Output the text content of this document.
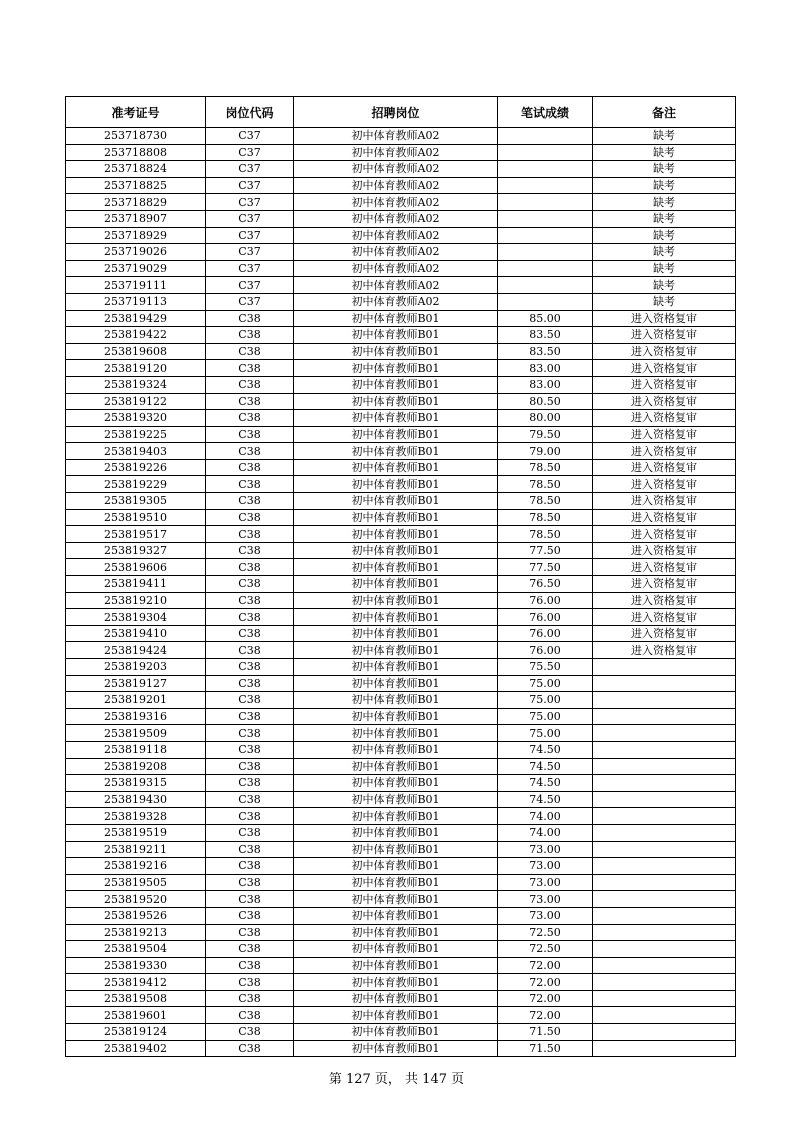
准考证号	岗位代码	招聘岗位	笔试成绩	备注
253718730	C37	初中体育教师A02		缺考
253718808	C37	初中体育教师A02		缺考
253718824	C37	初中体育教师A02		缺考
253718825	C37	初中体育教师A02		缺考
253718829	C37	初中体育教师A02		缺考
253718907	C37	初中体育教师A02		缺考
253718929	C37	初中体育教师A02		缺考
253719026	C37	初中体育教师A02		缺考
253719029	C37	初中体育教师A02		缺考
253719111	C37	初中体育教师A02		缺考
253719113	C37	初中体育教师A02		缺考
253819429	C38	初中体育教师B01	85.00	进入资格复审
253819422	C38	初中体育教师B01	83.50	进入资格复审
253819608	C38	初中体育教师B01	83.50	进入资格复审
253819120	C38	初中体育教师B01	83.00	进入资格复审
253819324	C38	初中体育教师B01	83.00	进入资格复审
253819122	C38	初中体育教师B01	80.50	进入资格复审
253819320	C38	初中体育教师B01	80.00	进入资格复审
253819225	C38	初中体育教师B01	79.50	进入资格复审
253819403	C38	初中体育教师B01	79.00	进入资格复审
253819226	C38	初中体育教师B01	78.50	进入资格复审
253819229	C38	初中体育教师B01	78.50	进入资格复审
253819305	C38	初中体育教师B01	78.50	进入资格复审
253819510	C38	初中体育教师B01	78.50	进入资格复审
253819517	C38	初中体育教师B01	78.50	进入资格复审
253819327	C38	初中体育教师B01	77.50	进入资格复审
253819606	C38	初中体育教师B01	77.50	进入资格复审
253819411	C38	初中体育教师B01	76.50	进入资格复审
253819210	C38	初中体育教师B01	76.00	进入资格复审
253819304	C38	初中体育教师B01	76.00	进入资格复审
253819410	C38	初中体育教师B01	76.00	进入资格复审
253819424	C38	初中体育教师B01	76.00	进入资格复审
253819203	C38	初中体育教师B01	75.50	
253819127	C38	初中体育教师B01	75.00	
253819201	C38	初中体育教师B01	75.00	
253819316	C38	初中体育教师B01	75.00	
253819509	C38	初中体育教师B01	75.00	
253819118	C38	初中体育教师B01	74.50	
253819208	C38	初中体育教师B01	74.50	
253819315	C38	初中体育教师B01	74.50	
253819430	C38	初中体育教师B01	74.50	
253819328	C38	初中体育教师B01	74.00	
253819519	C38	初中体育教师B01	74.00	
253819211	C38	初中体育教师B01	73.00	
253819216	C38	初中体育教师B01	73.00	
253819505	C38	初中体育教师B01	73.00	
253819520	C38	初中体育教师B01	73.00	
253819526	C38	初中体育教师B01	73.00	
253819213	C38	初中体育教师B01	72.50	
253819504	C38	初中体育教师B01	72.50	
253819330	C38	初中体育教师B01	72.00	
253819412	C38	初中体育教师B01	72.00	
253819508	C38	初中体育教师B01	72.00	
253819601	C38	初中体育教师B01	72.00	
253819124	C38	初中体育教师B01	71.50	
253819402	C38	初中体育教师B01	71.50	
第 127 页， 共 147 页
